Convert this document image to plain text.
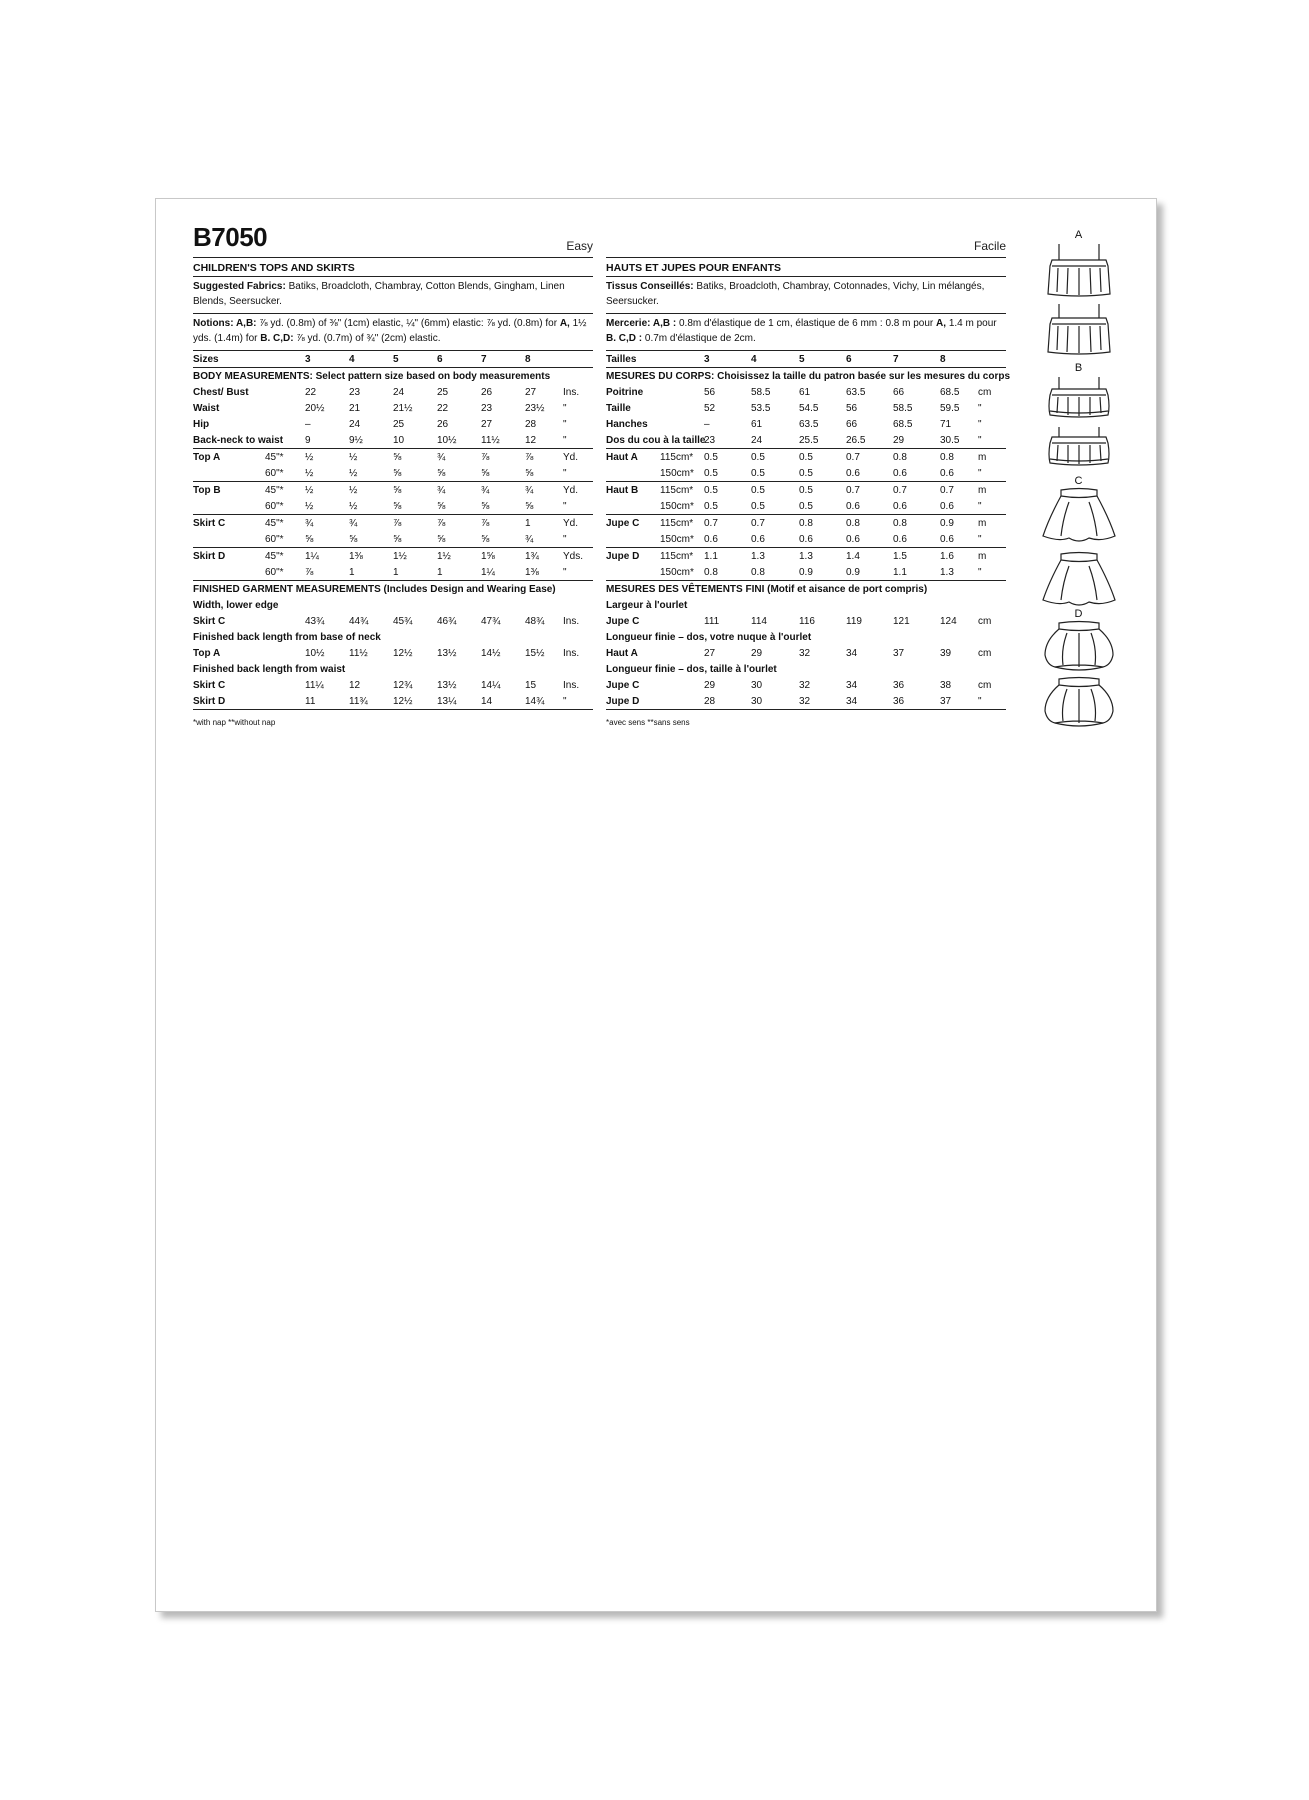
B7050	Easy
CHILDREN'S TOPS AND SKIRTS
Suggested Fabrics: Batiks, Broadcloth, Chambray, Cotton Blends, Gingham, Linen Blends, Seersucker.
Notions: A,B: ⅞ yd. (0.8m) of ⅜" (1cm) elastic, ¼" (6mm) elastic: ⅞ yd. (0.8m) for A, 1½ yds. (1.4m) for B. C,D: ⅞ yd. (0.7m) of ¾" (2cm) elastic.
Sizes		3	4	5	6	7	8	
BODY MEASUREMENTS: Select pattern size based on body measurements								
Chest/ Bust		22	23	24	25	26	27	Ins.
Waist		20½	21	21½	22	23	23½	"
Hip		–	24	25	26	27	28	"
Back-neck to waist		9	9½	10	10½	11½	12	"
Top A	45"*	½	½	⅝	¾	⅞	⅞	Yd.
	60"*	½	½	⅝	⅝	⅝	⅝	"
Top B	45"*	½	½	⅝	¾	¾	¾	Yd.
	60"*	½	½	⅝	⅝	⅝	⅝	"
Skirt C	45"*	¾	¾	⅞	⅞	⅞	1	Yd.
	60"*	⅝	⅝	⅝	⅝	⅝	¾	"
Skirt D	45"*	1¼	1⅜	1½	1½	1⅝	1¾	Yds.
	60"*	⅞	1	1	1	1¼	1⅜	"
FINISHED GARMENT MEASUREMENTS (Includes Design and Wearing Ease)								
Width, lower edge								
Skirt C		43¾	44¾	45¾	46¾	47¾	48¾	Ins.
Finished back length from base of neck								
Top A		10½	11½	12½	13½	14½	15½	Ins.
Finished back length from waist								
Skirt C		11¼	12	12¾	13½	14¼	15	Ins.
Skirt D		11	11¾	12½	13¼	14	14¾	"
*with nap **without nap
Facile
HAUTS ET JUPES POUR ENFANTS
Tissus Conseillés: Batiks, Broadcloth, Chambray, Cotonnades, Vichy, Lin mélangés, Seersucker.
Mercerie: A,B : 0.8m d'élastique de 1 cm, élastique de 6 mm : 0.8 m pour A, 1.4 m pour B. C,D : 0.7m d'élastique de 2cm.
Tailles		3	4	5	6	7	8	
MESURES DU CORPS: Choisissez la taille du patron basée sur les mesures du corps								
Poitrine		56	58.5	61	63.5	66	68.5	cm
Taille		52	53.5	54.5	56	58.5	59.5	"
Hanches		–	61	63.5	66	68.5	71	"
Dos du cou à la taille		23	24	25.5	26.5	29	30.5	"
Haut A	115cm*	0.5	0.5	0.5	0.7	0.8	0.8	m
	150cm*	0.5	0.5	0.5	0.6	0.6	0.6	"
Haut B	115cm*	0.5	0.5	0.5	0.7	0.7	0.7	m
	150cm*	0.5	0.5	0.5	0.6	0.6	0.6	"
Jupe C	115cm*	0.7	0.7	0.8	0.8	0.8	0.9	m
	150cm*	0.6	0.6	0.6	0.6	0.6	0.6	"
Jupe D	115cm*	1.1	1.3	1.3	1.4	1.5	1.6	m
	150cm*	0.8	0.8	0.9	0.9	1.1	1.3	"
MESURES DES VÊTEMENTS FINI (Motif et aisance de port compris)								
Largeur à l'ourlet								
Jupe C		111	114	116	119	121	124	cm
Longueur finie – dos, votre nuque à l'ourlet								
Haut A		27	29	32	34	37	39	cm
Longueur finie – dos, taille à l'ourlet								
Jupe C		29	30	32	34	36	38	cm
Jupe D		28	30	32	34	36	37	"
*avec sens **sans sens
A
B
C
D
